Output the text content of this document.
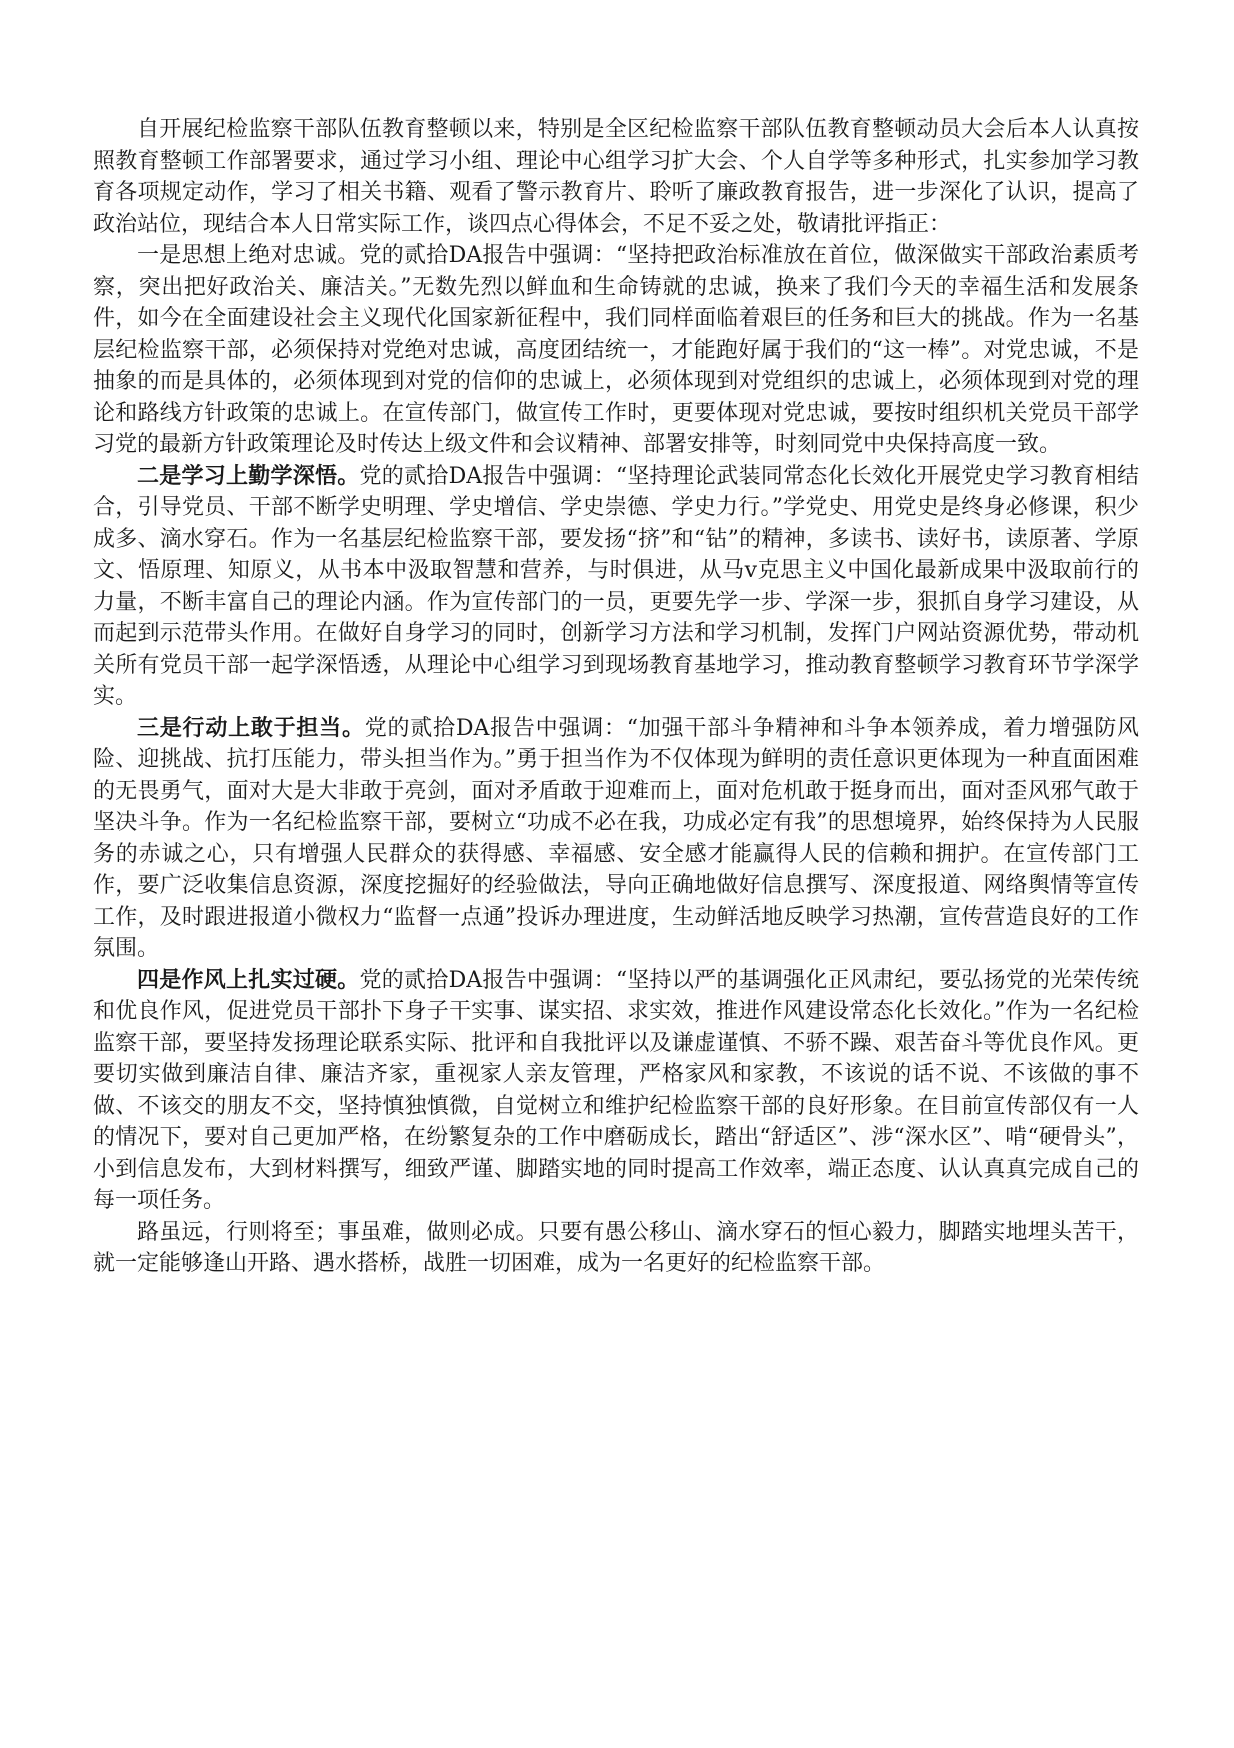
自开展纪检监察干部队伍教育整顿以来，特别是全区纪检监察干部队伍教育整顿动员大会后本人认真按照教育整顿工作部署要求，通过学习小组、理论中心组学习扩大会、个人自学等多种形式，扎实参加学习教育各项规定动作，学习了相关书籍、观看了警示教育片、聆听了廉政教育报告，进一步深化了认识，提高了政治站位，现结合本人日常实际工作，谈四点心得体会，不足不妥之处，敬请批评指正：

一是思想上绝对忠诚。党的贰拾DA报告中强调：“坚持把政治标准放在首位，做深做实干部政治素质考察，突出把好政治关、廉洁关。”无数先烈以鲜血和生命铸就的忠诚，换来了我们今天的幸福生活和发展条件，如今在全面建设社会主义现代化国家新征程中，我们同样面临着艰巨的任务和巨大的挑战。作为一名基层纪检监察干部，必须保持对党绝对忠诚，高度团结统一，才能跑好属于我们的“这一棒”。对党忠诚，不是抽象的而是具体的，必须体现到对党的信仰的忠诚上，必须体现到对党组织的忠诚上，必须体现到对党的理论和路线方针政策的忠诚上。在宣传部门，做宣传工作时，更要体现对党忠诚，要按时组织机关党员干部学习党的最新方针政策理论及时传达上级文件和会议精神、部署安排等，时刻同党中央保持高度一致。

二是学习上勤学深悟。党的贰拾DA报告中强调：“坚持理论武装同常态化长效化开展党史学习教育相结合，引导党员、干部不断学史明理、学史增信、学史崇德、学史力行。”学党史、用党史是终身必修课，积少成多、滴水穿石。作为一名基层纪检监察干部，要发扬“挤”和“钻”的精神，多读书、读好书，读原著、学原文、悟原理、知原义，从书本中汲取智慧和营养，与时俱进，从马v克思主义中国化最新成果中汲取前行的力量，不断丰富自己的理论内涵。作为宣传部门的一员，更要先学一步、学深一步，狠抓自身学习建设，从而起到示范带头作用。在做好自身学习的同时，创新学习方法和学习机制，发挥门户网站资源优势，带动机关所有党员干部一起学深悟透，从理论中心组学习到现场教育基地学习，推动教育整顿学习教育环节学深学实。

三是行动上敢于担当。党的贰拾DA报告中强调：“加强干部斗争精神和斗争本领养成，着力增强防风险、迎挑战、抗打压能力，带头担当作为。”勇于担当作为不仅体现为鲜明的责任意识更体现为一种直面困难的无畏勇气，面对大是大非敢于亮剑，面对矛盾敢于迎难而上，面对危机敢于挺身而出，面对歪风邪气敢于坚决斗争。作为一名纪检监察干部，要树立“功成不必在我，功成必定有我”的思想境界，始终保持为人民服务的赤诚之心，只有增强人民群众的获得感、幸福感、安全感才能赢得人民的信赖和拥护。在宣传部门工作，要广泛收集信息资源，深度挖掘好的经验做法，导向正确地做好信息撰写、深度报道、网络舆情等宣传工作，及时跟进报道小微权力“监督一点通”投诉办理进度，生动鲜活地反映学习热潮，宣传营造良好的工作氛围。

四是作风上扎实过硬。党的贰拾DA报告中强调：“坚持以严的基调强化正风肃纪，要弘扬党的光荣传统和优良作风，促进党员干部扑下身子干实事、谋实招、求实效，推进作风建设常态化长效化。”作为一名纪检监察干部，要坚持发扬理论联系实际、批评和自我批评以及谦虚谨慎、不骄不躁、艰苦奋斗等优良作风。更要切实做到廉洁自律、廉洁齐家，重视家人亲友管理，严格家风和家教，不该说的话不说、不该做的事不做、不该交的朋友不交，坚持慎独慎微，自觉树立和维护纪检监察干部的良好形象。在目前宣传部仅有一人的情况下，要对自己更加严格，在纷繁复杂的工作中磨砺成长，踏出“舒适区”、涉“深水区”、啃“硬骨头”，小到信息发布，大到材料撰写，细致严谨、脚踏实地的同时提高工作效率，端正态度、认认真真完成自己的每一项任务。

路虽远，行则将至；事虽难，做则必成。只要有愚公移山、滴水穿石的恒心毅力，脚踏实地埋头苦干，就一定能够逢山开路、遇水搭桥，战胜一切困难，成为一名更好的纪检监察干部。
